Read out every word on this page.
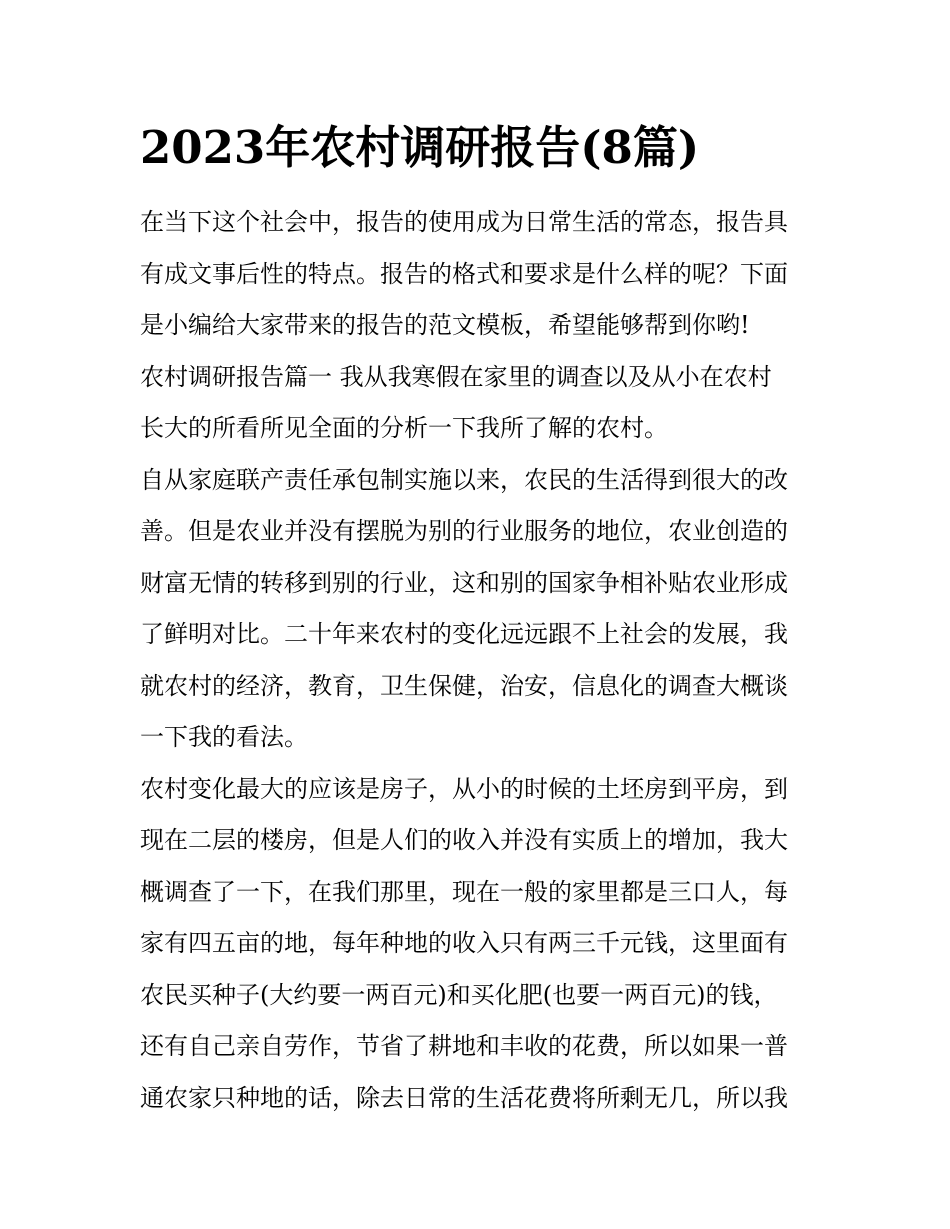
2023年农村调研报告(8篇)

在当下这个社会中，报告的使用成为日常生活的常态，报告具

有成文事后性的特点。报告的格式和要求是什么样的呢？下面

是小编给大家带来的报告的范文模板，希望能够帮到你哟!

农村调研报告篇一 我从我寒假在家里的调查以及从小在农村

长大的所看所见全面的分析一下我所了解的农村。

自从家庭联产责任承包制实施以来，农民的生活得到很大的改

善。但是农业并没有摆脱为别的行业服务的地位，农业创造的

财富无情的转移到别的行业，这和别的国家争相补贴农业形成

了鲜明对比。二十年来农村的变化远远跟不上社会的发展，我

就农村的经济，教育，卫生保健，治安，信息化的调查大概谈

一下我的看法。

农村变化最大的应该是房子，从小的时候的土坯房到平房，到

现在二层的楼房，但是人们的收入并没有实质上的增加，我大

概调查了一下，在我们那里，现在一般的家里都是三口人，每

家有四五亩的地，每年种地的收入只有两三千元钱，这里面有

农民买种子(大约要一两百元)和买化肥(也要一两百元)的钱，

还有自己亲自劳作，节省了耕地和丰收的花费，所以如果一普

通农家只种地的话，除去日常的生活花费将所剩无几，所以我
